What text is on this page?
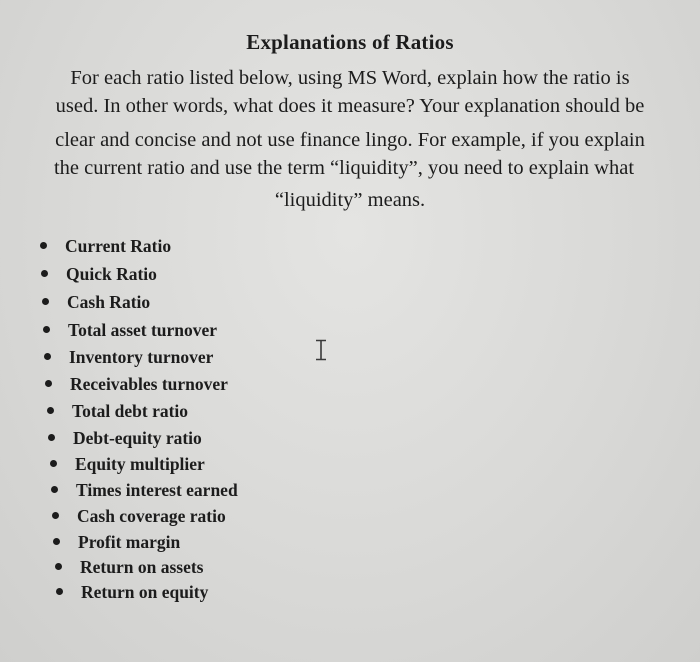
Explanations of Ratios
For each ratio listed below, using MS Word, explain how the ratio is
used. In other words, what does it measure? Your explanation should be
clear and concise and not use finance lingo. For example, if you explain
the current ratio and use the term “liquidity”, you need to explain what
“liquidity” means.
Current Ratio
Quick Ratio
Cash Ratio
Total asset turnover
Inventory turnover
Receivables turnover
Total debt ratio
Debt-equity ratio
Equity multiplier
Times interest earned
Cash coverage ratio
Profit margin
Return on assets
Return on equity
